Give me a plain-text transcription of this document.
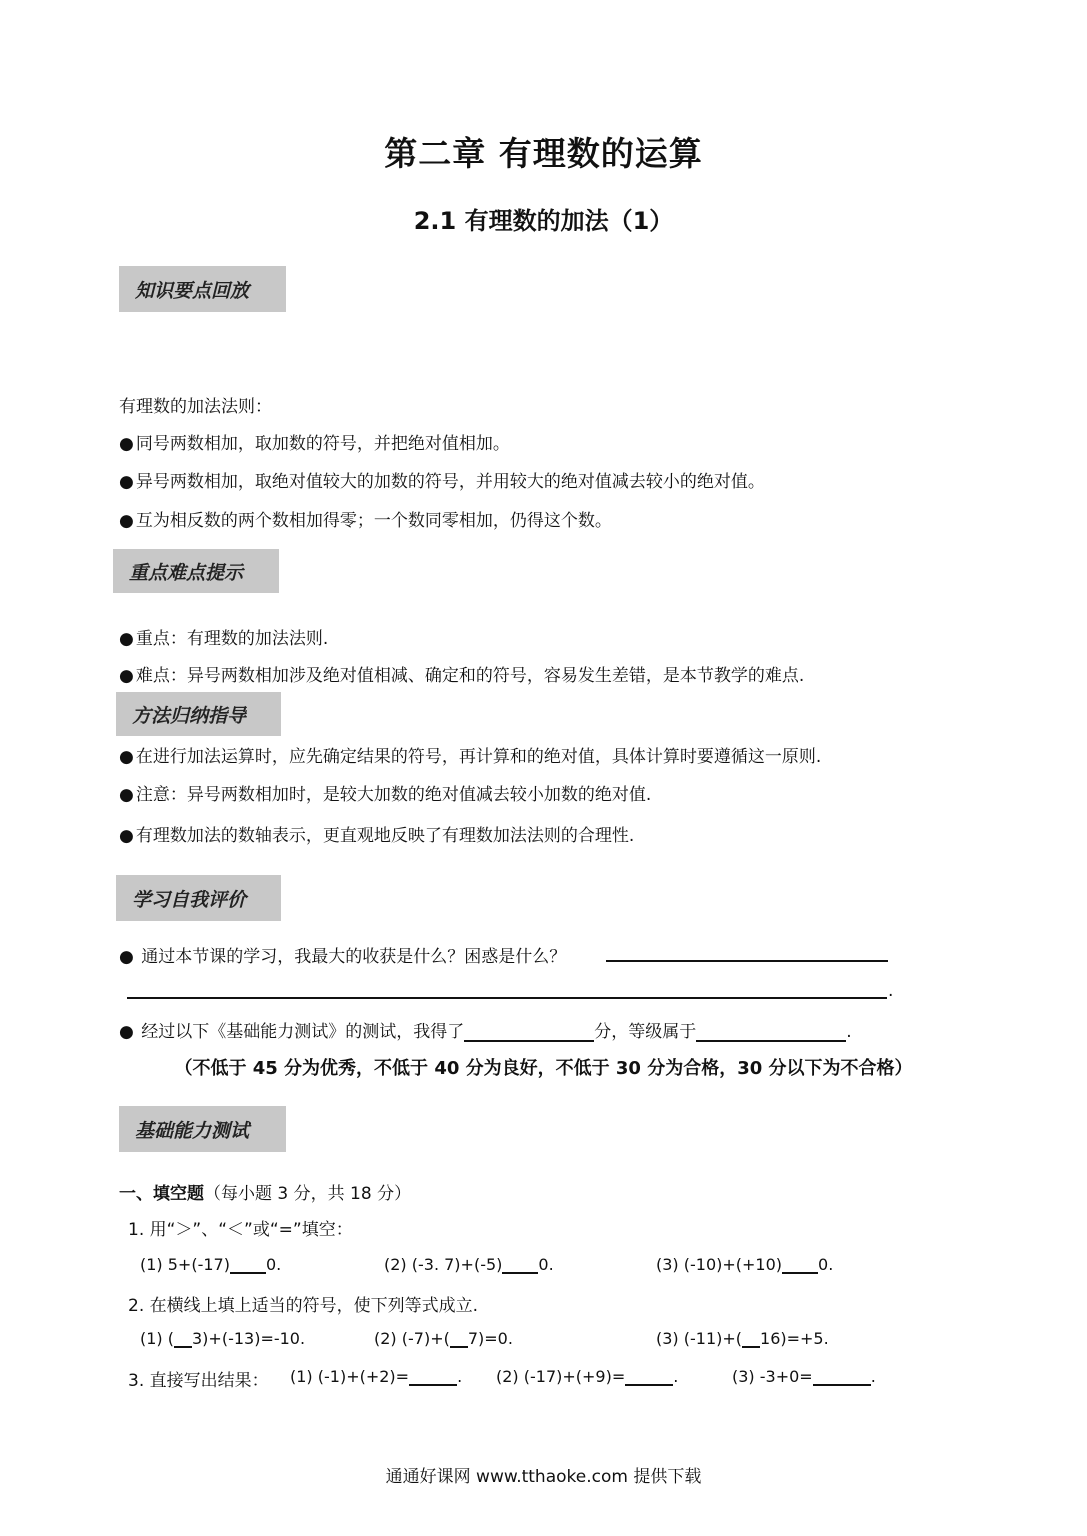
第二章 有理数的运算
2.1 有理数的加法（1）
知识要点回放
有理数的加法法则：
● 同号两数相加，取加数的符号，并把绝对值相加。
● 异号两数相加，取绝对值较大的加数的符号，并用较大的绝对值减去较小的绝对值。
● 互为相反数的两个数相加得零；一个数同零相加，仍得这个数。
重点难点提示
● 重点：有理数的加法法则.
● 难点：异号两数相加涉及绝对值相减、确定和的符号，容易发生差错，是本节教学的难点.
方法归纳指导
● 在进行加法运算时，应先确定结果的符号，再计算和的绝对值，具体计算时要遵循这一原则.
● 注意：异号两数相加时，是较大加数的绝对值减去较小加数的绝对值.
● 有理数加法的数轴表示，更直观地反映了有理数加法法则的合理性.
学习自我评价
● 通过本节课的学习，我最大的收获是什么？困惑是什么？
.
● 经过以下《基础能力测试》的测试，我得了	分，等级属于	.
（不低于 45 分为优秀，不低于 40 分为良好，不低于 30 分为合格，30 分以下为不合格）
基础能力测试
一、填空题（每小题 3 分，共 18 分）
1. 用“＞”、“＜”或“=”填空：
(1) 5+(-17) 0.	(2) (-3. 7)+(-5) 0.	(3) (-10)+(+10) 0.
2. 在横线上填上适当的符号，使下列等式成立.
(1) ( 3)+(-13)=-10.	(2) (-7)+( 7)=0.	(3) (-11)+( 16)=+5.
3. 直接写出结果： (1) (-1)+(+2)=	. (2) (-17)+(+9)=	.	(3) -3+0=	.
通通好课网 www.tthaoke.com 提供下载
